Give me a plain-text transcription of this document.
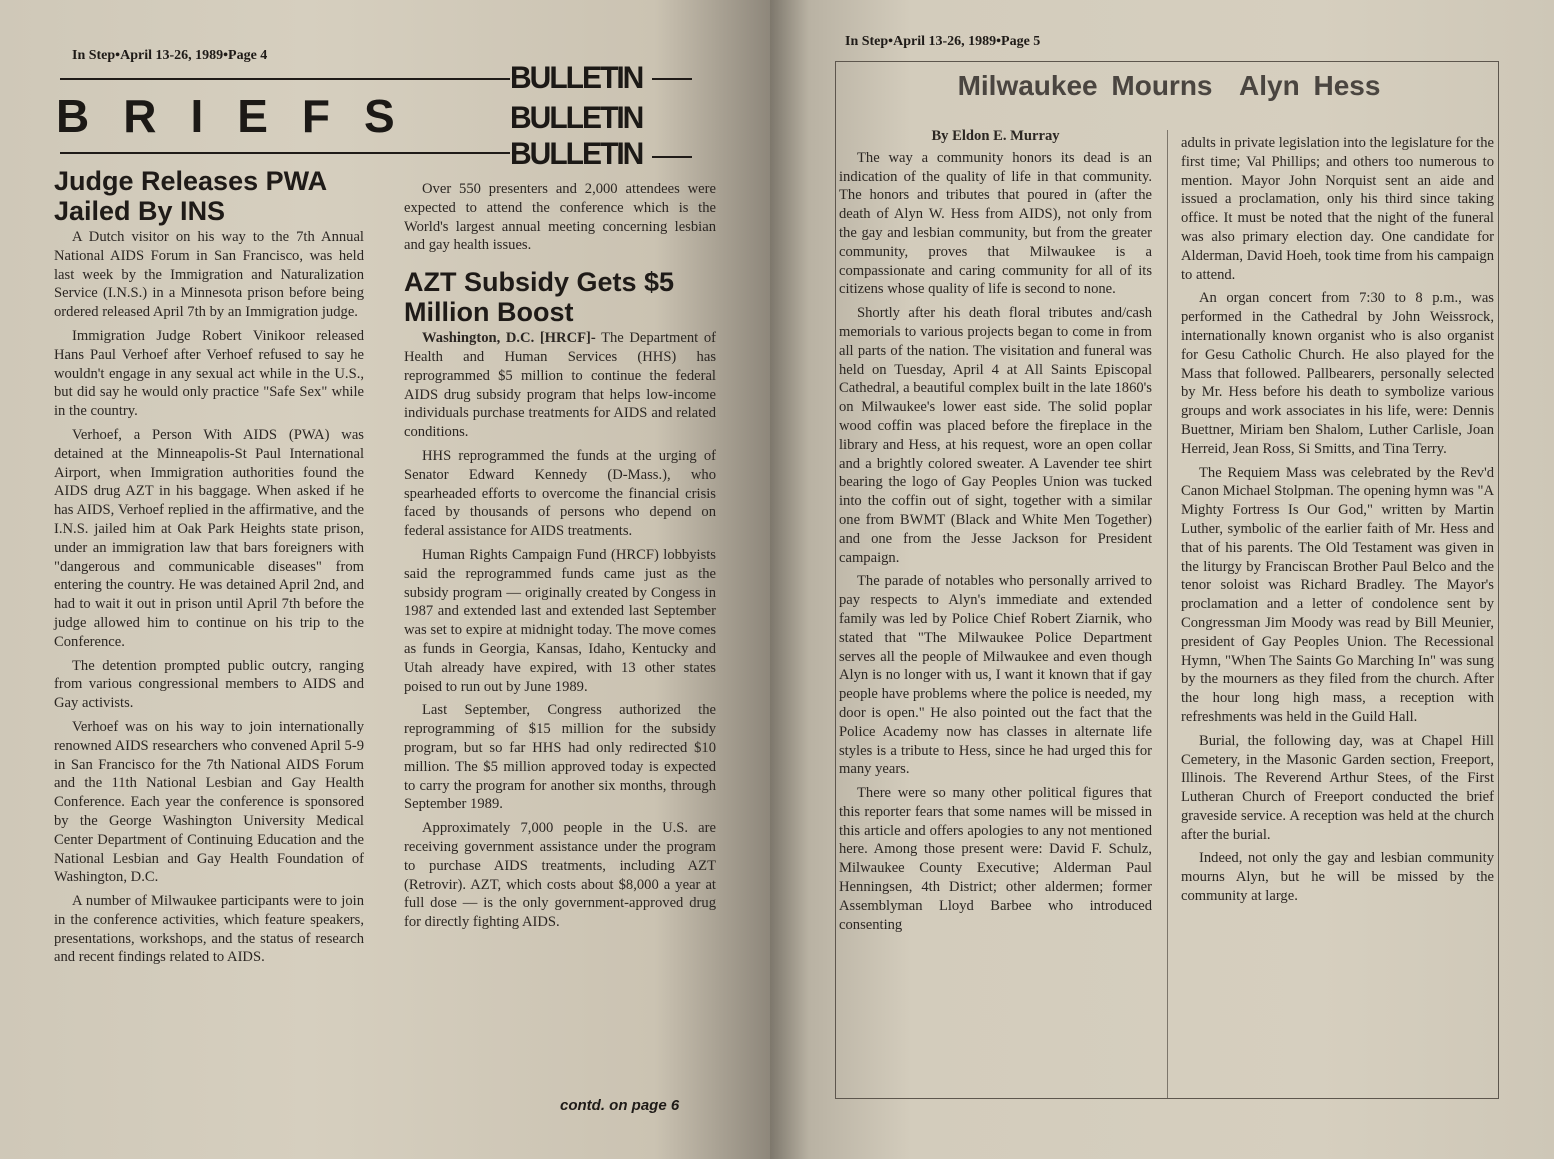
In Step•April 13-26, 1989•Page 4
BRIEFS
BULLETIN
BULLETIN
BULLETIN
Judge Releases PWA Jailed By INS

A Dutch visitor on his way to the 7th Annual National AIDS Forum in San Francisco, was held last week by the Immigration and Naturalization Service (I.N.S.) in a Minnesota prison before being ordered released April 7th by an Immigration judge.

Immigration Judge Robert Vinikoor released Hans Paul Verhoef after Verhoef refused to say he wouldn't engage in any sexual act while in the U.S., but did say he would only practice "Safe Sex" while in the country.

Verhoef, a Person With AIDS (PWA) was detained at the Minneapolis-St Paul International Airport, when Immigration authorities found the AIDS drug AZT in his baggage. When asked if he has AIDS, Verhoef replied in the affirmative, and the I.N.S. jailed him at Oak Park Heights state prison, under an immigration law that bars foreigners with "dangerous and communicable diseases" from entering the country. He was detained April 2nd, and had to wait it out in prison until April 7th before the judge allowed him to continue on his trip to the Conference.

The detention prompted public outcry, ranging from various congressional members to AIDS and Gay activists.

Verhoef was on his way to join internationally renowned AIDS researchers who convened April 5-9 in San Francisco for the 7th National AIDS Forum and the 11th National Lesbian and Gay Health Conference. Each year the conference is sponsored by the George Washington University Medical Center Department of Continuing Education and the National Lesbian and Gay Health Foundation of Washington, D.C.

A number of Milwaukee participants were to join in the conference activities, which feature speakers, presentations, workshops, and the status of research and recent findings related to AIDS.

Over 550 presenters and 2,000 attendees were expected to attend the conference which is the World's largest annual meeting concerning lesbian and gay health issues.

AZT Subsidy Gets $5 Million Boost

Washington, D.C. [HRCF]- The Department of Health and Human Services (HHS) has reprogrammed $5 million to continue the federal AIDS drug subsidy program that helps low-income individuals purchase treatments for AIDS and related conditions.

HHS reprogrammed the funds at the urging of Senator Edward Kennedy (D-Mass.), who spearheaded efforts to overcome the financial crisis faced by thousands of persons who depend on federal assistance for AIDS treatments.

Human Rights Campaign Fund (HRCF) lobbyists said the reprogrammed funds came just as the subsidy program — originally created by Congess in 1987 and extended last and extended last September was set to expire at midnight today. The move comes as funds in Georgia, Kansas, Idaho, Kentucky and Utah already have expired, with 13 other states poised to run out by June 1989.

Last September, Congress authorized the reprogramming of $15 million for the subsidy program, but so far HHS had only redirected $10 million. The $5 million approved today is expected to carry the program for another six months, through September 1989.

Approximately 7,000 people in the U.S. are receiving government assistance under the program to purchase AIDS treatments, including AZT (Retrovir). AZT, which costs about $8,000 a year at full dose — is the only government-approved drug for directly fighting AIDS.

contd. on page 6
In Step•April 13-26, 1989•Page 5
Milwaukee Mourns  Alyn Hess
By Eldon E. Murray

The way a community honors its dead is an indication of the quality of life in that community. The honors and tributes that poured in (after the death of Alyn W. Hess from AIDS), not only from the gay and lesbian community, but from the greater community, proves that Milwaukee is a compassionate and caring community for all of its citizens whose quality of life is second to none.

Shortly after his death floral tributes and/cash memorials to various projects began to come in from all parts of the nation. The visitation and funeral was held on Tuesday, April 4 at All Saints Episcopal Cathedral, a beautiful complex built in the late 1860's on Milwaukee's lower east side. The solid poplar wood coffin was placed before the fireplace in the library and Hess, at his request, wore an open collar and a brightly colored sweater. A Lavender tee shirt bearing the logo of Gay Peoples Union was tucked into the coffin out of sight, together with a similar one from BWMT (Black and White Men Together) and one from the Jesse Jackson for President campaign.

The parade of notables who personally arrived to pay respects to Alyn's immediate and extended family was led by Police Chief Robert Ziarnik, who stated that "The Milwaukee Police Department serves all the people of Milwaukee and even though Alyn is no longer with us, I want it known that if gay people have problems where the police is needed, my door is open." He also pointed out the fact that the Police Academy now has classes in alternate life styles is a tribute to Hess, since he had urged this for many years.

There were so many other political figures that this reporter fears that some names will be missed in this article and offers apologies to any not mentioned here. Among those present were: David F. Schulz, Milwaukee County Executive; Alderman Paul Henningsen, 4th District; other aldermen; former Assemblyman Lloyd Barbee who introduced consenting

adults in private legislation into the legislature for the first time; Val Phillips; and others too numerous to mention. Mayor John Norquist sent an aide and issued a proclamation, only his third since taking office. It must be noted that the night of the funeral was also primary election day. One candidate for Alderman, David Hoeh, took time from his campaign to attend.

An organ concert from 7:30 to 8 p.m., was performed in the Cathedral by John Weissrock, internationally known organist who is also organist for Gesu Catholic Church. He also played for the Mass that followed. Pallbearers, personally selected by Mr. Hess before his death to symbolize various groups and work associates in his life, were: Dennis Buettner, Miriam ben Shalom, Luther Carlisle, Joan Herreid, Jean Ross, Si Smitts, and Tina Terry.

The Requiem Mass was celebrated by the Rev'd Canon Michael Stolpman. The opening hymn was "A Mighty Fortress Is Our God," written by Martin Luther, symbolic of the earlier faith of Mr. Hess and that of his parents. The Old Testament was given in the liturgy by Franciscan Brother Paul Belco and the tenor soloist was Richard Bradley. The Mayor's proclamation and a letter of condolence sent by Congressman Jim Moody was read by Bill Meunier, president of Gay Peoples Union. The Recessional Hymn, "When The Saints Go Marching In" was sung by the mourners as they filed from the church. After the hour long high mass, a reception with refreshments was held in the Guild Hall.

Burial, the following day, was at Chapel Hill Cemetery, in the Masonic Garden section, Freeport, Illinois. The Reverend Arthur Stees, of the First Lutheran Church of Freeport conducted the brief graveside service. A reception was held at the church after the burial.

Indeed, not only the gay and lesbian community mourns Alyn, but he will be missed by the community at large.
